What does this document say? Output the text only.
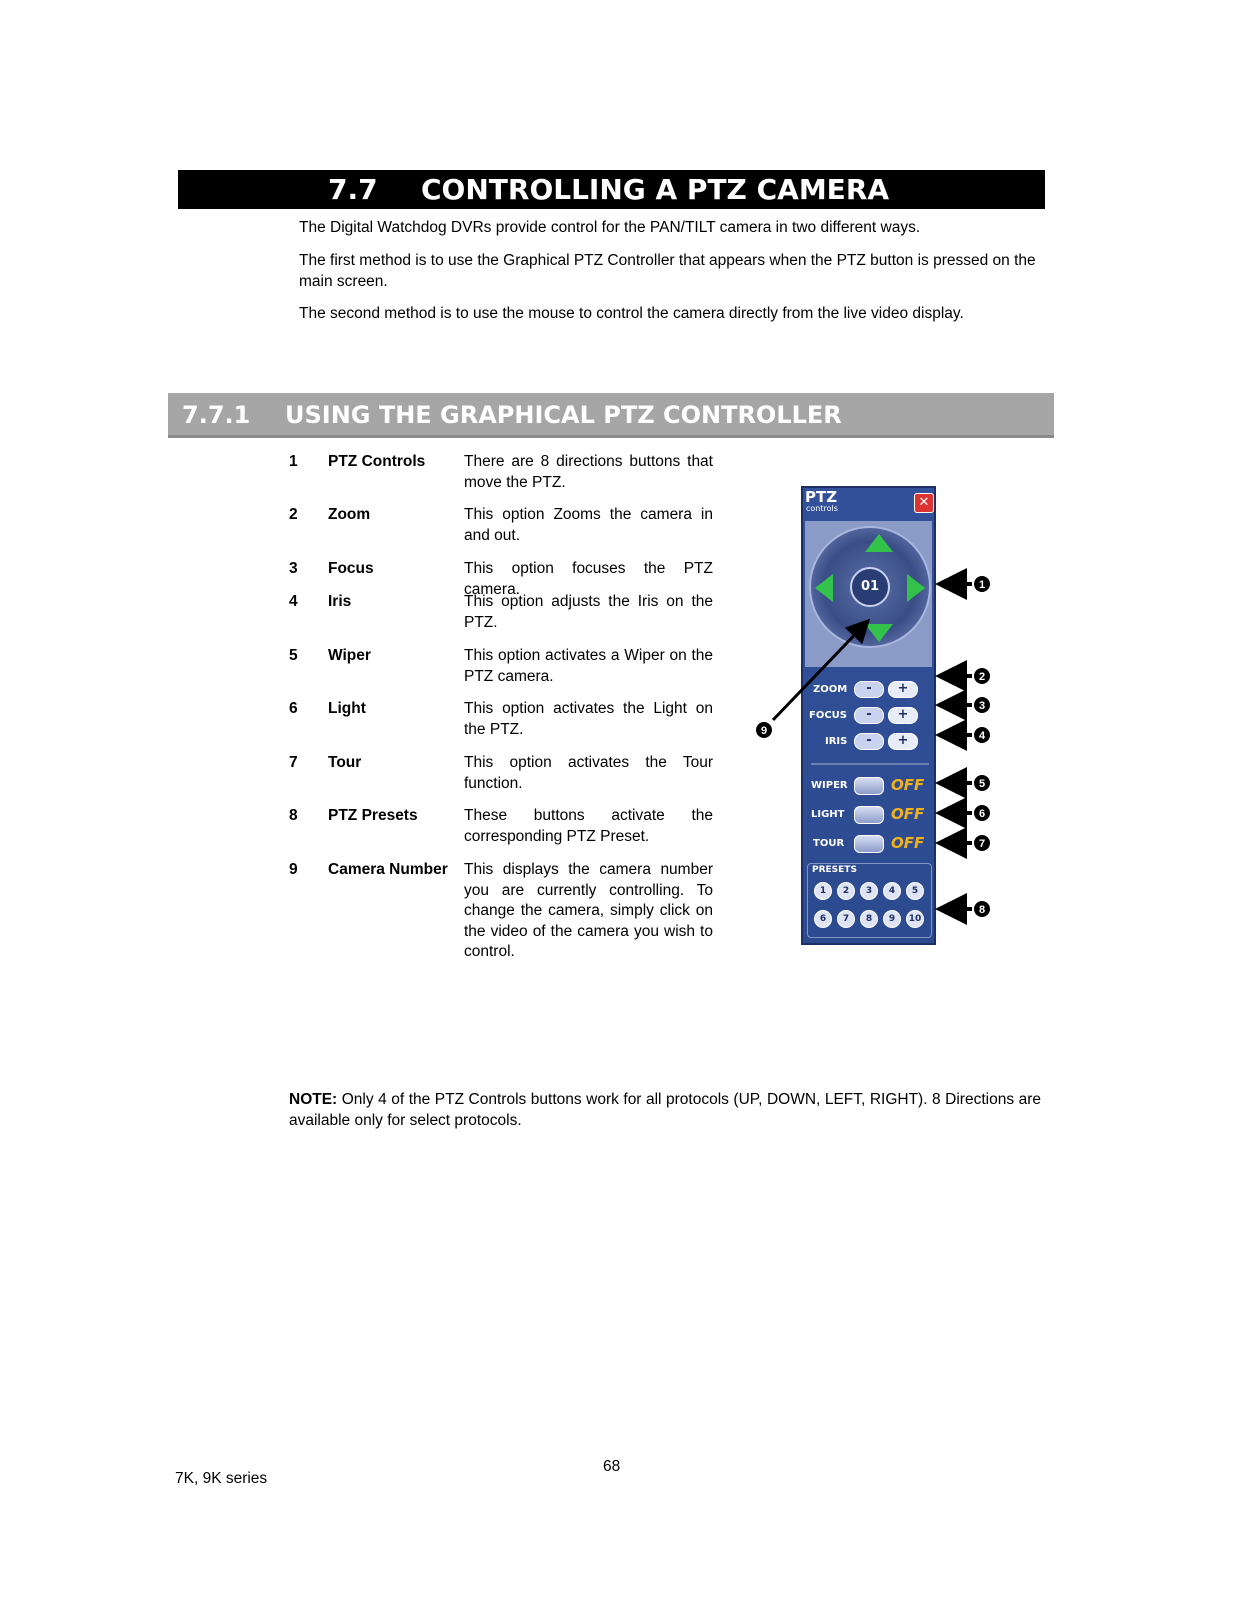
7.7 CONTROLLING A PTZ CAMERA
The Digital Watchdog DVRs provide control for the PAN/TILT camera in two different ways.
The first method is to use the Graphical PTZ Controller that appears when the PTZ button is pressed on the main screen.
The second method is to use the mouse to control the camera directly from the live video display.
7.7.1 USING THE GRAPHICAL PTZ CONTROLLER
1 PTZ Controls	There are 8 directions buttons that move the PTZ.
2 Zoom	This option Zooms the camera in and out.
3 Focus	This option focuses the PTZ camera.
4 Iris	This option adjusts the Iris on the PTZ.
5 Wiper	This option activates a Wiper on the PTZ camera.
6 Light	This option activates the Light on the PTZ.
7 Tour	This option activates the Tour function.
8 PTZ Presets	These buttons activate the corresponding PTZ Preset.
9 Camera Number This displays the camera number you are currently controlling. To change the camera, simply click on the video of the camera you wish to control.
PTZ
controls	✕
01
ZOOM	-	+
FOCUS	-	+
IRIS	-	+
WIPER	OFF
LIGHT	OFF
TOUR	OFF
PRESETS
1	2	3	4	5
6	7	8	9	10
1
2
3
4
5
6
7
8
9
NOTE: Only 4 of the PTZ Controls buttons work for all protocols (UP, DOWN, LEFT, RIGHT). 8 Directions are available only for select protocols.
68
7K, 9K series
